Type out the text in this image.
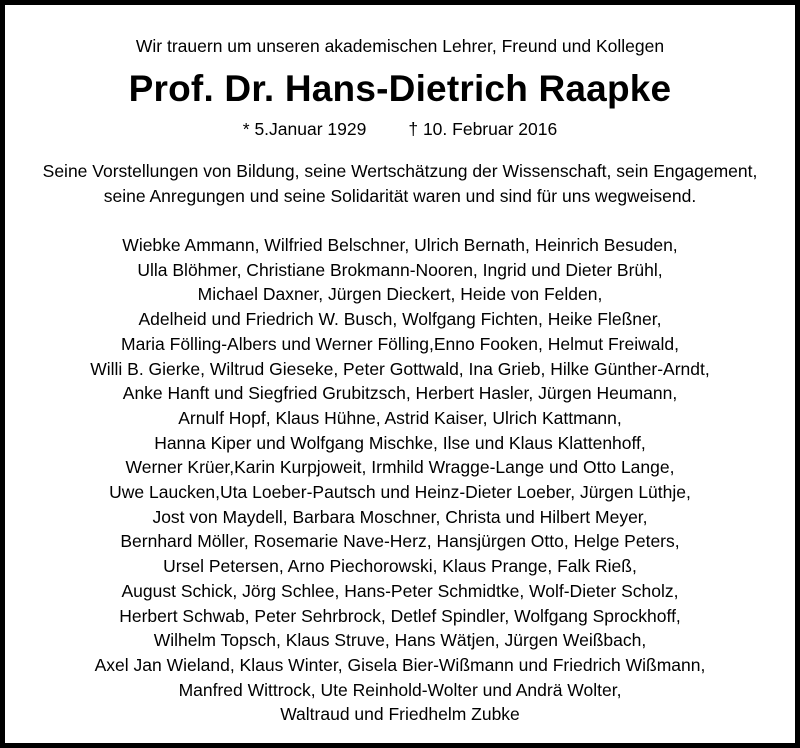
Wir trauern um unseren akademischen Lehrer, Freund und Kollegen
Prof. Dr. Hans-Dietrich Raapke
* 5.Januar 1929 † 10. Februar 2016
Seine Vorstellungen von Bildung, seine Wertschätzung der Wissenschaft, sein Engagement,
seine Anregungen und seine Solidarität waren und sind für uns wegweisend.
Wiebke Ammann, Wilfried Belschner, Ulrich Bernath, Heinrich Besuden,
Ulla Blöhmer, Christiane Brokmann-Nooren, Ingrid und Dieter Brühl,
Michael Daxner, Jürgen Dieckert, Heide von Felden,
Adelheid und Friedrich W. Busch, Wolfgang Fichten, Heike Fleßner,
Maria Fölling-Albers und Werner Fölling,Enno Fooken, Helmut Freiwald,
Willi B. Gierke, Wiltrud Gieseke, Peter Gottwald, Ina Grieb, Hilke Günther-Arndt,
Anke Hanft und Siegfried Grubitzsch, Herbert Hasler, Jürgen Heumann,
Arnulf Hopf, Klaus Hühne, Astrid Kaiser, Ulrich Kattmann,
Hanna Kiper und Wolfgang Mischke, Ilse und Klaus Klattenhoff,
Werner Krüer,Karin Kurpjoweit, Irmhild Wragge-Lange und Otto Lange,
Uwe Laucken,Uta Loeber-Pautsch und Heinz-Dieter Loeber, Jürgen Lüthje,
Jost von Maydell, Barbara Moschner, Christa und Hilbert Meyer,
Bernhard Möller, Rosemarie Nave-Herz, Hansjürgen Otto, Helge Peters,
Ursel Petersen, Arno Piechorowski, Klaus Prange, Falk Rieß,
August Schick, Jörg Schlee, Hans-Peter Schmidtke, Wolf-Dieter Scholz,
Herbert Schwab, Peter Sehrbrock, Detlef Spindler, Wolfgang Sprockhoff,
Wilhelm Topsch, Klaus Struve, Hans Wätjen, Jürgen Weißbach,
Axel Jan Wieland, Klaus Winter, Gisela Bier-Wißmann und Friedrich Wißmann,
Manfred Wittrock, Ute Reinhold-Wolter und Andrä Wolter,
Waltraud und Friedhelm Zubke
